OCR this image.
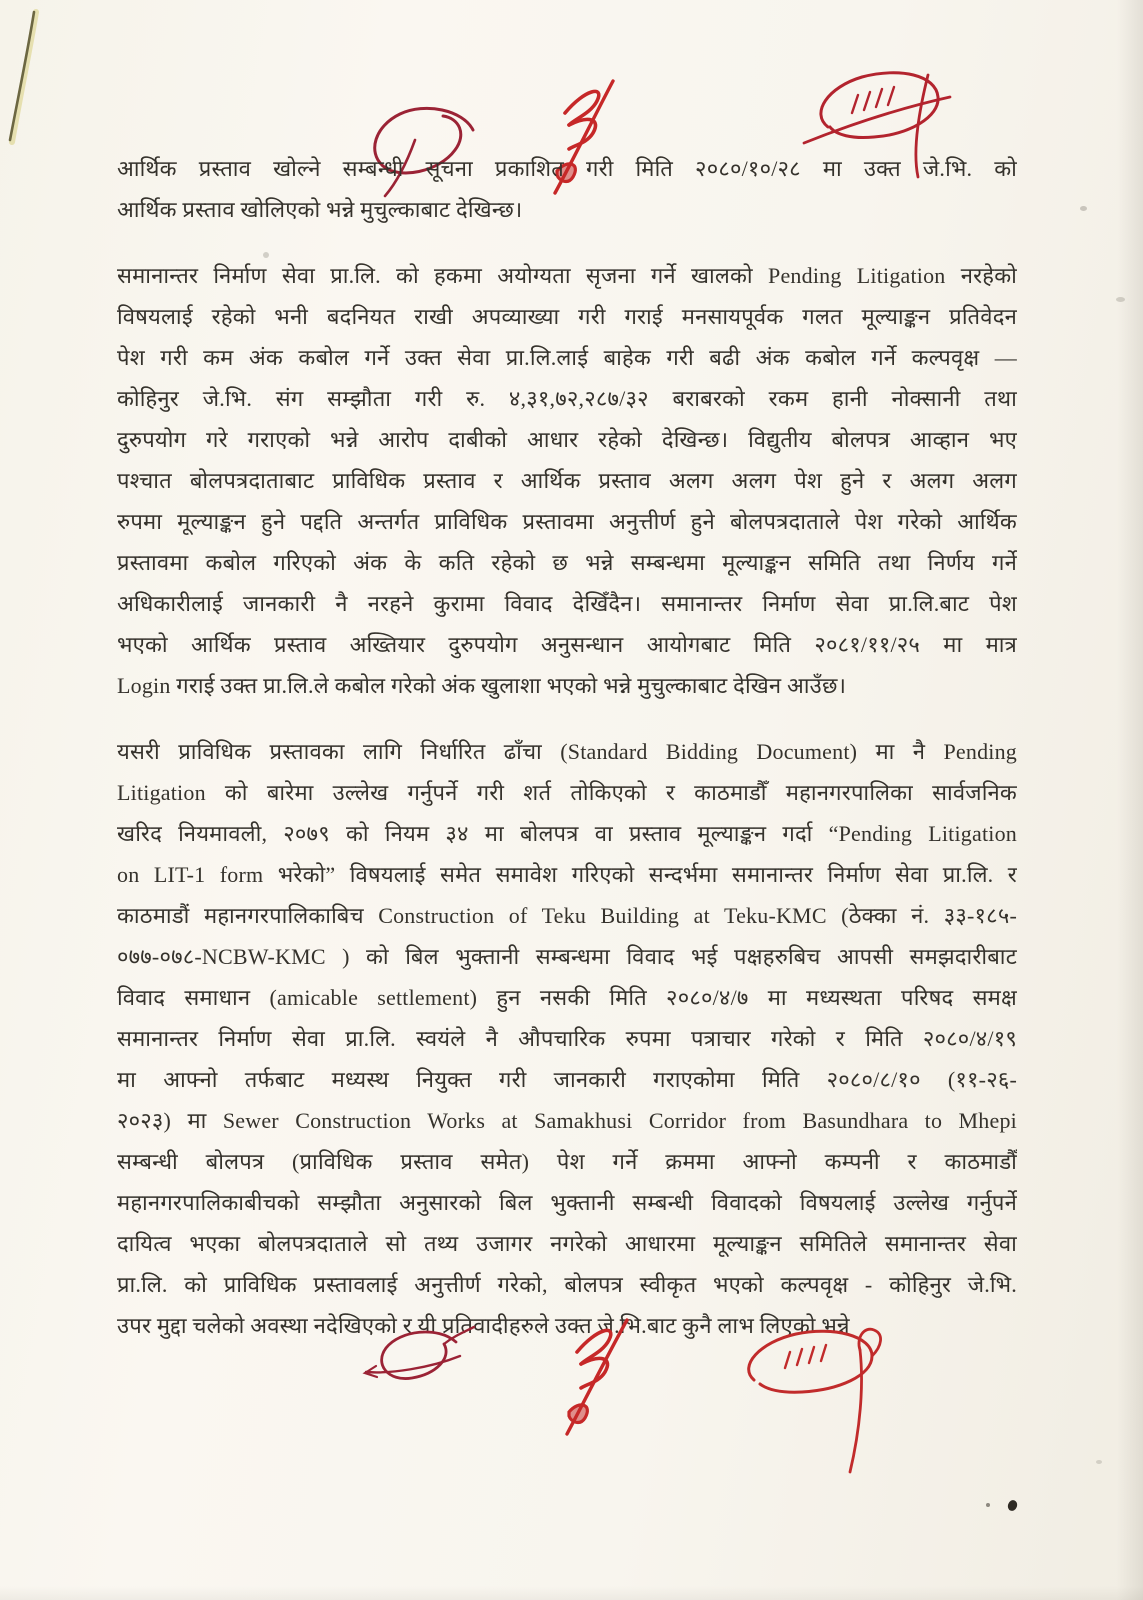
आर्थिक प्रस्ताव खोल्ने सम्बन्धी सूचना प्रकाशित गरी मिति २०८०/१०/२८ मा उक्त जे.भि. को
आर्थिक प्रस्ताव खोलिएको भन्ने मुचुल्काबाट देखिन्छ।
समानान्तर निर्माण सेवा प्रा.लि. को हकमा अयोग्यता सृजना गर्ने खालको Pending Litigation नरहेको
विषयलाई रहेको भनी बदनियत राखी अपव्याख्या गरी गराई मनसायपूर्वक गलत मूल्याङ्कन प्रतिवेदन
पेश गरी कम अंक कबोल गर्ने उक्त सेवा प्रा.लि.लाई बाहेक गरी बढी अंक कबोल गर्ने कल्पवृक्ष —
कोहिनुर जे.भि. संग सम्झौता गरी रु. ४,३१,७२,२८७/३२ बराबरको रकम हानी नोक्सानी तथा
दुरुपयोग गरे गराएको भन्ने आरोप दाबीको आधार रहेको देखिन्छ। विद्युतीय बोलपत्र आव्हान भए
पश्चात बोलपत्रदाताबाट प्राविधिक प्रस्ताव र आर्थिक प्रस्ताव अलग अलग पेश हुने र अलग अलग
रुपमा मूल्याङ्कन हुने पद्दति अन्तर्गत प्राविधिक प्रस्तावमा अनुत्तीर्ण हुने बोलपत्रदाताले पेश गरेको आर्थिक
प्रस्तावमा कबोल गरिएको अंक के कति रहेको छ भन्ने सम्बन्धमा मूल्याङ्कन समिति तथा निर्णय गर्ने
अधिकारीलाई जानकारी नै नरहने कुरामा विवाद देखिँदैन। समानान्तर निर्माण सेवा प्रा.लि.बाट पेश
भएको आर्थिक प्रस्ताव अख्तियार दुरुपयोग अनुसन्धान आयोगबाट मिति २०८१/११/२५ मा मात्र
Login गराई उक्त प्रा.लि.ले कबोल गरेको अंक खुलाशा भएको भन्ने मुचुल्काबाट देखिन आउँछ।
यसरी प्राविधिक प्रस्तावका लागि निर्धारित ढाँचा (Standard Bidding Document) मा नै Pending
Litigation को बारेमा उल्लेख गर्नुपर्ने गरी शर्त तोकिएको र काठमाडौँ महानगरपालिका सार्वजनिक
खरिद नियमावली, २०७९ को नियम ३४ मा बोलपत्र वा प्रस्ताव मूल्याङ्कन गर्दा “Pending Litigation
on LIT-1 form भरेको” विषयलाई समेत समावेश गरिएको सन्दर्भमा समानान्तर निर्माण सेवा प्रा.लि. र
काठमाडौं महानगरपालिकाबिच Construction of Teku Building at Teku-KMC (ठेक्का नं. ३३-१८५-
०७७-०७८-NCBW-KMC ) को बिल भुक्तानी सम्बन्धमा विवाद भई पक्षहरुबिच आपसी समझदारीबाट
विवाद समाधान (amicable settlement) हुन नसकी मिति २०८०/४/७ मा मध्यस्थता परिषद समक्ष
समानान्तर निर्माण सेवा प्रा.लि. स्वयंले नै औपचारिक रुपमा पत्राचार गरेको र मिति २०८०/४/१९
मा आफ्नो तर्फबाट मध्यस्थ नियुक्त गरी जानकारी गराएकोमा मिति २०८०/८/१० (११-२६-
२०२३) मा Sewer Construction Works at Samakhusi Corridor from Basundhara to Mhepi
सम्बन्धी बोलपत्र (प्राविधिक प्रस्ताव समेत) पेश गर्ने क्रममा आफ्नो कम्पनी र काठमाडौँ
महानगरपालिकाबीचको सम्झौता अनुसारको बिल भुक्तानी सम्बन्धी विवादको विषयलाई उल्लेख गर्नुपर्ने
दायित्व भएका बोलपत्रदाताले सो तथ्य उजागर नगरेको आधारमा मूल्याङ्कन समितिले समानान्तर सेवा
प्रा.लि. को प्राविधिक प्रस्तावलाई अनुत्तीर्ण गरेको, बोलपत्र स्वीकृत भएको कल्पवृक्ष - कोहिनुर जे.भि.
उपर मुद्दा चलेको अवस्था नदेखिएको र यी प्रतिवादीहरुले उक्त जे.भि.बाट कुनै लाभ लिएको भन्ने
